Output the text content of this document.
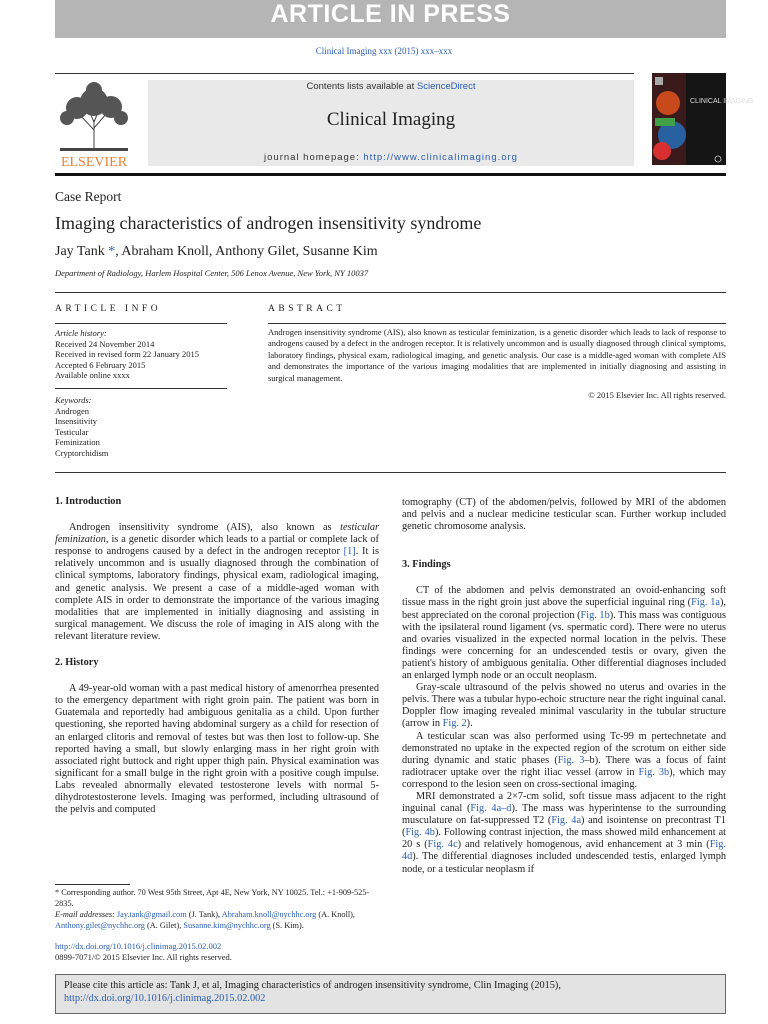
ARTICLE IN PRESS
Clinical Imaging xxx (2015) xxx–xxx
ELSEVIER
Contents lists available at ScienceDirect
Clinical Imaging
journal homepage: http://www.clinicalimaging.org
CLINICAL IMAGING
Case Report
Imaging characteristics of androgen insensitivity syndrome
Jay Tank *, Abraham Knoll, Anthony Gilet, Susanne Kim
Department of Radiology, Harlem Hospital Center, 506 Lenox Avenue, New York, NY 10037
ARTICLE INFO	ABSTRACT
Article history:
Received 24 November 2014
Received in revised form 22 January 2015
Accepted 6 February 2015
Available online xxxx
Keywords:
Androgen
Insensitivity
Testicular
Feminization
Cryptorchidism
Androgen insensitivity syndrome (AIS), also known as testicular feminization, is a genetic disorder which leads to lack of response to androgens caused by a defect in the androgen receptor. It is relatively uncommon and is usually diagnosed through clinical symptoms, laboratory findings, physical exam, radiological imaging, and genetic analysis. Our case is a middle-aged woman with complete AIS and demonstrates the importance of the various imaging modalities that are implemented in initially diagnosing and assisting in surgical management.
© 2015 Elsevier Inc. All rights reserved.
1. Introduction

Androgen insensitivity syndrome (AIS), also known as testicular feminization, is a genetic disorder which leads to a partial or complete lack of response to androgens caused by a defect in the androgen receptor [1]. It is relatively uncommon and is usually diagnosed through the combination of clinical symptoms, laboratory findings, physical exam, radiological imaging, and genetic analysis. We present a case of a middle-aged woman with complete AIS in order to demonstrate the importance of the various imaging modalities that are implemented in initially diagnosing and assisting in surgical management. We discuss the role of imaging in AIS along with the relevant literature review.

2. History

A 49-year-old woman with a past medical history of amenorrhea presented to the emergency department with right groin pain. The patient was born in Guatemala and reportedly had ambiguous genitalia as a child. Upon further questioning, she reported having abdominal surgery as a child for resection of an enlarged clitoris and removal of testes but was then lost to follow-up. She reported having a small, but slowly enlarging mass in her right groin with associated right buttock and right upper thigh pain. Physical examination was significant for a small bulge in the right groin with a positive cough impulse. Labs revealed abnormally elevated testosterone levels with normal 5-dihydrotestosterone levels. Imaging was performed, including ultrasound of the pelvis and computed

tomography (CT) of the abdomen/pelvis, followed by MRI of the abdomen and pelvis and a nuclear medicine testicular scan. Further workup included genetic chromosome analysis.

3. Findings

CT of the abdomen and pelvis demonstrated an ovoid-enhancing soft tissue mass in the right groin just above the superficial inguinal ring (Fig. 1a), best appreciated on the coronal projection (Fig. 1b). This mass was contiguous with the ipsilateral round ligament (vs. spermatic cord). There were no uterus and ovaries visualized in the expected normal location in the pelvis. These findings were concerning for an undescended testis or ovary, given the patient's history of ambiguous genitalia. Other differential diagnoses included an enlarged lymph node or an occult neoplasm.

Gray-scale ultrasound of the pelvis showed no uterus and ovaries in the pelvis. There was a tubular hypo-echoic structure near the right inguinal canal. Doppler flow imaging revealed minimal vascularity in the tubular structure (arrow in Fig. 2).

A testicular scan was also performed using Tc-99 m pertechnetate and demonstrated no uptake in the expected region of the scrotum on either side during dynamic and static phases (Fig. 3–b). There was a focus of faint radiotracer uptake over the right iliac vessel (arrow in Fig. 3b), which may correspond to the lesion seen on cross-sectional imaging.

MRI demonstrated a 2×7-cm solid, soft tissue mass adjacent to the right inguinal canal (Fig. 4a–d). The mass was hyperintense to the surrounding musculature on fat-suppressed T2 (Fig. 4a) and isointense on precontrast T1 (Fig. 4b). Following contrast injection, the mass showed mild enhancement at 20 s (Fig. 4c) and relatively homogenous, avid enhancement at 3 min (Fig. 4d). The differential diagnoses included undescended testis, enlarged lymph node, or a testicular neoplasm if

* Corresponding author. 70 West 95th Street, Apt 4E, New York, NY 10025. Tel.: +1-909-525-2835.
E-mail addresses: Jay.tank@gmail.com (J. Tank), Abraham.knoll@nychhc.org (A. Knoll), Anthony.gilet@nychhc.org (A. Gilet), Susanne.kim@nychhc.org (S. Kim).
http://dx.doi.org/10.1016/j.clinimag.2015.02.002
0899-7071/© 2015 Elsevier Inc. All rights reserved.
Please cite this article as: Tank J, et al, Imaging characteristics of androgen insensitivity syndrome, Clin Imaging (2015), http://dx.doi.org/10.1016/j.clinimag.2015.02.002
